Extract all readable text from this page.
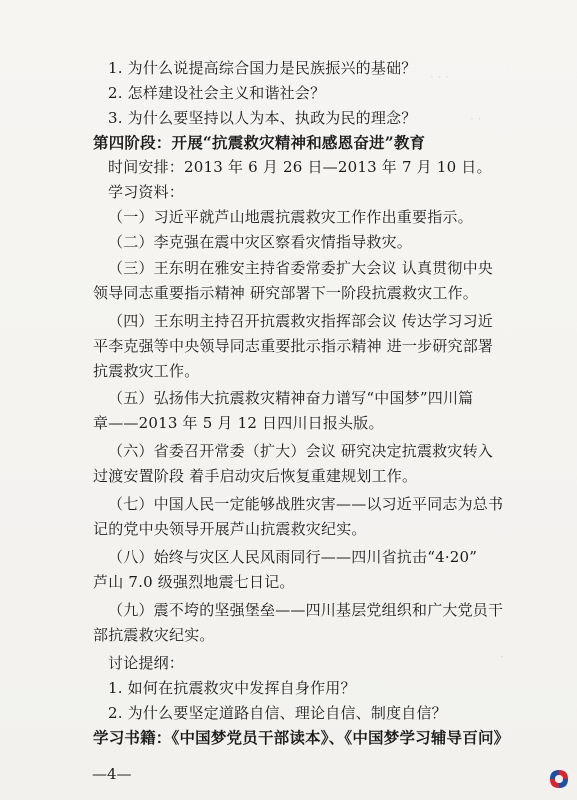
· · ·
· ·
·
1. 为什么说提高综合国力是民族振兴的基础？
2. 怎样建设社会主义和谐社会？
3. 为什么要坚持以人为本、执政为民的理念？
第四阶段：开展“抗震救灾精神和感恩奋进”教育
时间安排：2013 年 6 月 26 日—2013 年 7 月 10 日。
学习资料：
（一）习近平就芦山地震抗震救灾工作作出重要指示。
（二）李克强在震中灾区察看灾情指导救灾。
（三）王东明在雅安主持省委常委扩大会议 认真贯彻中央
领导同志重要指示精神 研究部署下一阶段抗震救灾工作。
（四）王东明主持召开抗震救灾指挥部会议 传达学习习近
平李克强等中央领导同志重要批示指示精神 进一步研究部署
抗震救灾工作。
（五）弘扬伟大抗震救灾精神奋力谱写“中国梦”四川篇
章——2013 年 5 月 12 日四川日报头版。
（六）省委召开常委（扩大）会议 研究决定抗震救灾转入
过渡安置阶段 着手启动灾后恢复重建规划工作。
（七）中国人民一定能够战胜灾害——以习近平同志为总书
记的党中央领导开展芦山抗震救灾纪实。
（八）始终与灾区人民风雨同行——四川省抗击“4·20”
芦山 7.0 级强烈地震七日记。
（九）震不垮的坚强堡垒——四川基层党组织和广大党员干
部抗震救灾纪实。
讨论提纲：
1. 如何在抗震救灾中发挥自身作用？
2. 为什么要坚定道路自信、理论自信、制度自信？
学习书籍：《中国梦党员干部读本》、《中国梦学习辅导百问》
—4—
